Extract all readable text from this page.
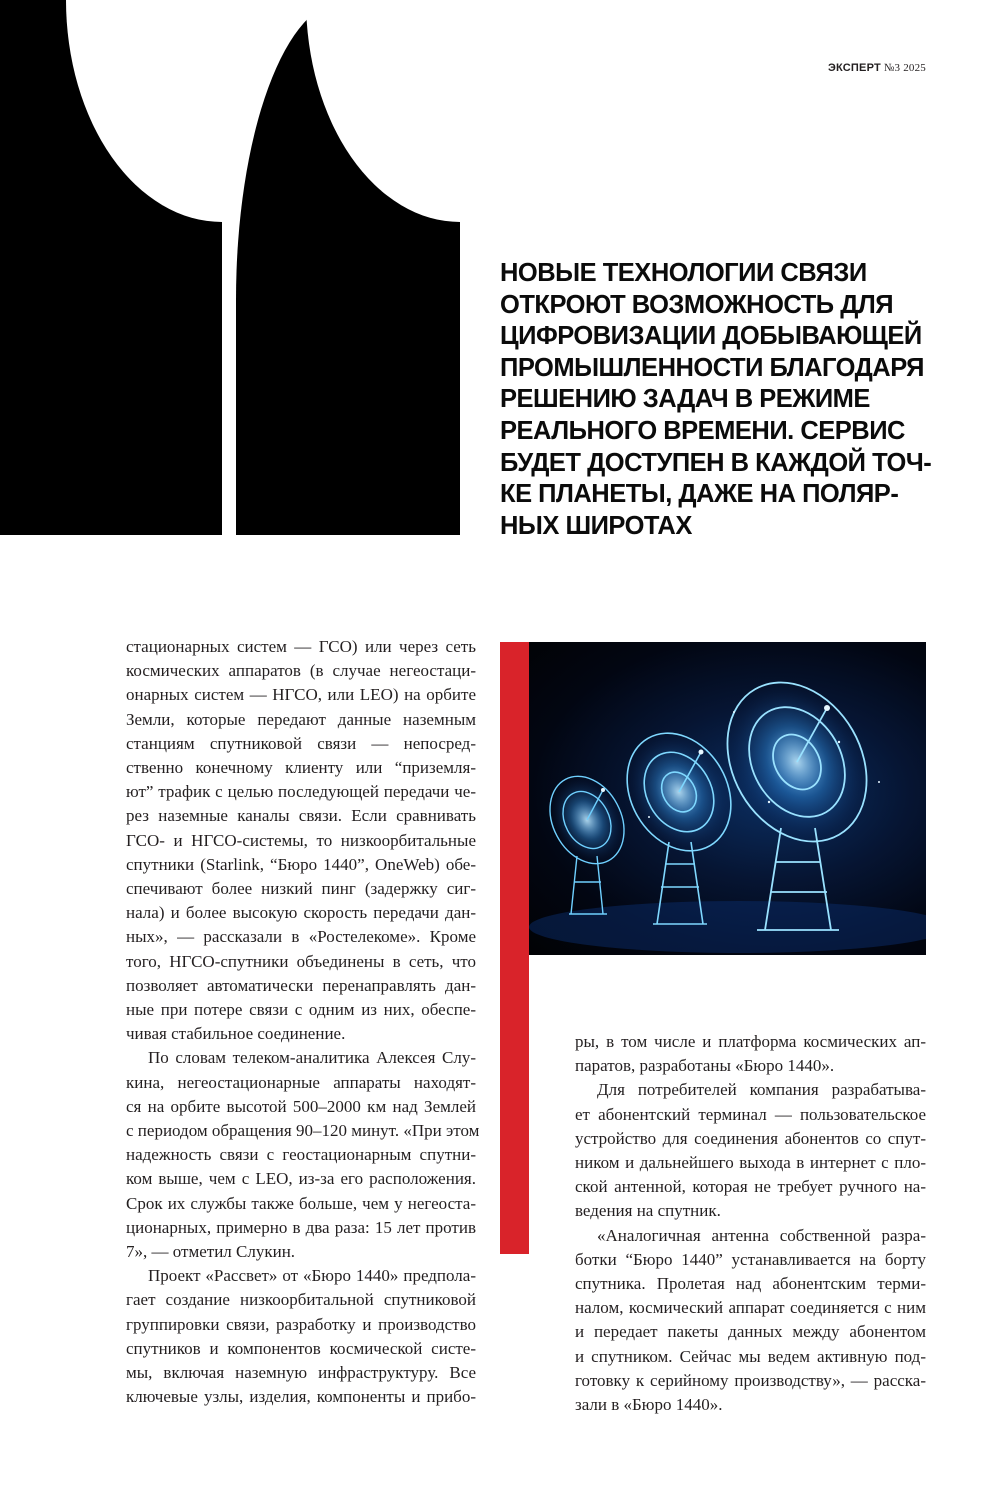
ЭКСПЕРТ №3 2025
НОВЫЕ ТЕХНОЛОГИИ СВЯЗИ
ОТКРОЮТ ВОЗМОЖНОСТЬ ДЛЯ
ЦИФРОВИЗАЦИИ ДОБЫВАЮЩЕЙ
ПРОМЫШЛЕННОСТИ БЛАГОДАРЯ
РЕШЕНИЮ ЗАДАЧ В РЕЖИМЕ
РЕАЛЬНОГО ВРЕМЕНИ. СЕРВИС
БУДЕТ ДОСТУПЕН В КАЖДОЙ ТОЧ-
КЕ ПЛАНЕТЫ, ДАЖЕ НА ПОЛЯР-
НЫХ ШИРОТАХ
стационарных систем — ГСО) или через сеть
космических аппаратов (в случае негеостаци-
онарных систем — НГСО, или LEO) на орбите
Земли, которые передают данные наземным
станциям спутниковой связи — непосред-
ственно конечному клиенту или “приземля-
ют” трафик с целью последующей передачи че-
рез наземные каналы связи. Если сравнивать
ГСО- и НГСО-системы, то низкоорбитальные
спутники (Starlink, “Бюро 1440”, OneWeb) обе-
спечивают более низкий пинг (задержку сиг-
нала) и более высокую скорость передачи дан-
ных», — рассказали в «Ростелекоме». Кроме
того, НГСО-спутники объединены в сеть, что
позволяет автоматически перенаправлять дан-
ные при потере связи с одним из них, обеспе-
чивая стабильное соединение.
По словам телеком-аналитика Алексея Слу-
кина, негеостационарные аппараты находят-
ся на орбите высотой 500–2000 км над Землей
с периодом обращения 90–120 минут. «При этом
надежность связи с геостационарным спутни-
ком выше, чем с LEO, из-за его расположения.
Срок их службы также больше, чем у негеоста-
ционарных, примерно в два раза: 15 лет против
7», — отметил Слукин.
Проект «Рассвет» от «Бюро 1440» предпола-
гает создание низкоорбитальной спутниковой
группировки связи, разработку и производство
спутников и компонентов космической систе-
мы, включая наземную инфраструктуру. Все
ключевые узлы, изделия, компоненты и прибо-
ры, в том числе и платформа космических ап-
паратов, разработаны «Бюро 1440».
Для потребителей компания разрабатыва-
ет абонентский терминал — пользовательское
устройство для соединения абонентов со спут-
ником и дальнейшего выхода в интернет с пло-
ской антенной, которая не требует ручного на-
ведения на спутник.
«Аналогичная антенна собственной разра-
ботки “Бюро 1440” устанавливается на борту
спутника. Пролетая над абонентским терми-
налом, космический аппарат соединяется с ним
и передает пакеты данных между абонентом
и спутником. Сейчас мы ведем активную под-
готовку к серийному производству», — расска-
зали в «Бюро 1440».
